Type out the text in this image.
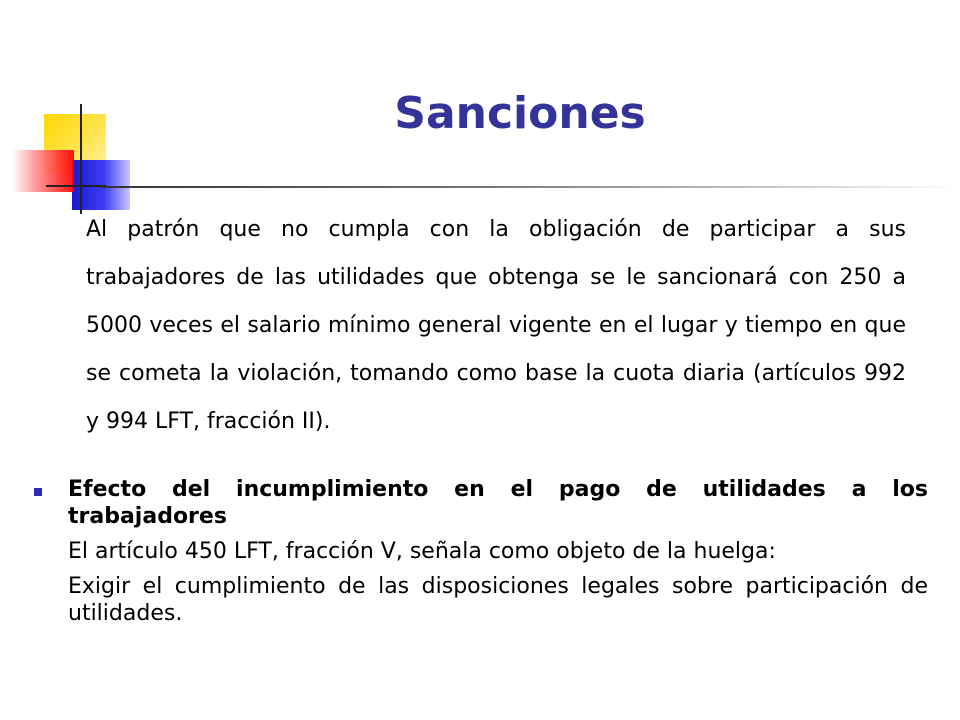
Sanciones

Al patrón que no cumpla con la obligación de participar a sus trabajadores de las utilidades que obtenga se le sancionará con 250 a 5000 veces el salario mínimo general vigente en el lugar y tiempo en que se cometa la violación, tomando como base la cuota diaria (artículos 992 y 994 LFT, fracción II).

Efecto del incumplimiento en el pago de utilidades a los trabajadores

El artículo 450 LFT, fracción V, señala como objeto de la huelga:

Exigir el cumplimiento de las disposiciones legales sobre participación de utilidades.
